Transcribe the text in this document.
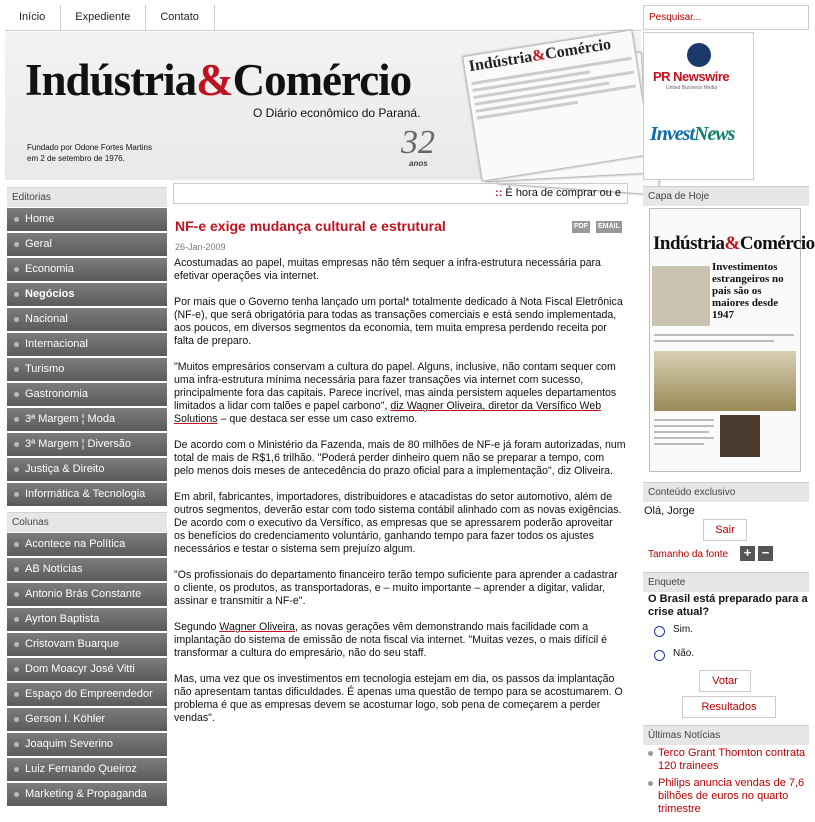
Início	Expediente	Contato	Pesquisar...
Indústria&Comércio
O Diário econômico do Paraná.
Fundado por Odone Fortes Martins
em 2 de setembro de 1976.	32
anos
Indústria&Comércio
PR Newswire
United Business Media
InvestNews
Editorias
Home
Geral
Economia
Negócios
Nacional
Internacional
Turismo
Gastronomia
3ª Margem ¦ Moda
3ª Margem ¦ Diversão
Justiça & Direito
Informática & Tecnologia
Colunas
Acontece na Política
AB Notícias
Antonio Brás Constante
Ayrton Baptista
Cristovam Buarque
Dom Moacyr José Vitti
Espaço do Empreendedor
Gerson I. Köhler
Joaquim Severino
Luiz Fernando Queiroz
Marketing & Propaganda
:: É hora de comprar ou e
NF-e exige mudança cultural e estrutural	PDF EMAIL
26-Jan-2009

Acostumadas ao papel, muitas empresas não têm sequer a infra-estrutura necessária para efetivar operações via internet.

Por mais que o Governo tenha lançado um portal* totalmente dedicado à Nota Fiscal Eletrônica (NF-e), que será obrigatória para todas as transações comerciais e está sendo implementada, aos poucos, em diversos segmentos da economia, tem muita empresa perdendo receita por falta de preparo.

"Muitos empresários conservam a cultura do papel. Alguns, inclusive, não contam sequer com uma infra-estrutura mínima necessária para fazer transações via internet com sucesso, principalmente fora das capitais. Parece incrível, mas ainda persistem aqueles departamentos limitados a lidar com talões e papel carbono", diz Wagner Oliveira, diretor da Versífico Web Solutions – que destaca ser esse um caso extremo.

De acordo com o Ministério da Fazenda, mais de 80 milhões de NF-e já foram autorizadas, num total de mais de R$1,6 trilhão. "Poderá perder dinheiro quem não se preparar a tempo, com pelo menos dois meses de antecedência do prazo oficial para a implementação", diz Oliveira.

Em abril, fabricantes, importadores, distribuidores e atacadistas do setor automotivo, além de outros segmentos, deverão estar com todo sistema contábil alinhado com as novas exigências. De acordo com o executivo da Versífico, as empresas que se apressarem poderão aproveitar os benefícios do credenciamento voluntário, ganhando tempo para fazer todos os ajustes necessários e testar o sistema sem prejuízo algum.

"Os profissionais do departamento financeiro terão tempo suficiente para aprender a cadastrar o cliente, os produtos, as transportadoras, e – muito importante – aprender a digitar, validar, assinar e transmitir a NF-e".

Segundo Wagner Oliveira, as novas gerações vêm demonstrando mais facilidade com a implantação do sistema de emissão de nota fiscal via internet. "Muitas vezes, o mais difícil é transformar a cultura do empresário, não do seu staff.

Mas, uma vez que os investimentos em tecnologia estejam em dia, os passos da implantação não apresentam tantas dificuldades. É apenas uma questão de tempo para se acostumarem. O problema é que as empresas devem se acostumar logo, sob pena de começarem a perder vendas".

Capa de Hoje
Indústria&Comércio
Investimentos estrangeiros no país são os maiores desde 1947
Conteúdo exclusivo
Olá, Jorge
Sair
Tamanho da fonte + −
Enquete
O Brasil está preparado para a crise atual?
Sim.
Não.
Votar
Resultados
Últimas Notícias
Terco Grant Thornton contrata 120 trainees
Philips anuncia vendas de 7,6 bilhões de euros no quarto trimestre
